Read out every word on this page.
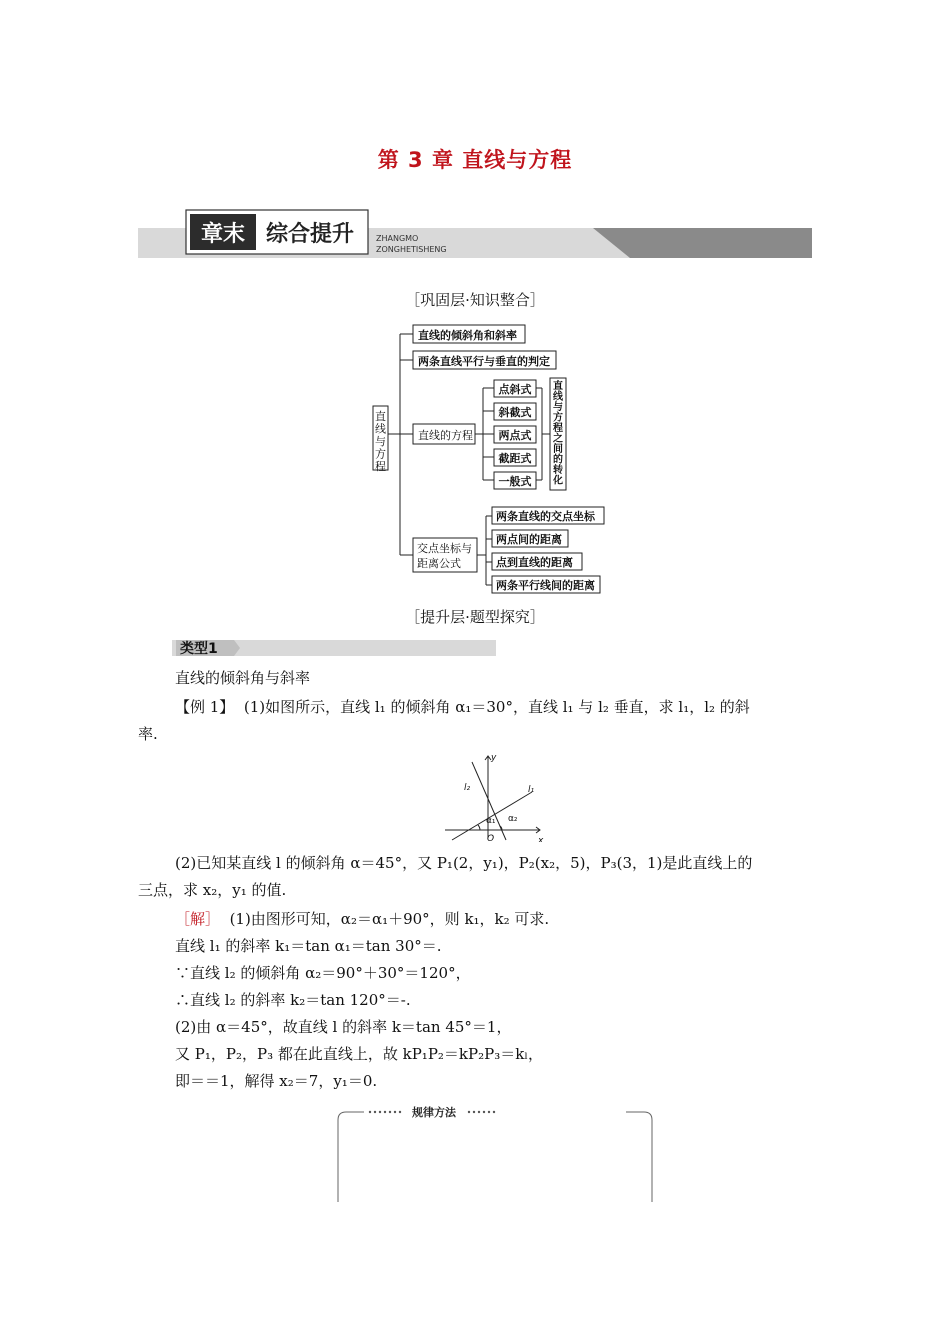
第 3 章 直线与方程
章末 综合提升	ZHANGMO
ZONGHETISHENG
［巩固层·知识整合］
直
线
与
方
程
直线的倾斜角和斜率
两条直线平行与垂直的判定
直线的方程
点斜式
斜截式
两点式
截距式
一般式
直
线
与
方
程
之
间
的
转
化
交点坐标与
距离公式
两条直线的交点坐标
两点间的距离
点到直线的距离
两条平行线间的距离
［提升层·题型探究］
类型1
直线的倾斜角与斜率
【例 1】 (1)如图所示，直线 l₁ 的倾斜角 α₁＝30°，直线 l₁ 与 l₂ 垂直，求 l₁，l₂ 的斜
率.
y
x
O
l₁
l₂
α₁ α₂
(2)已知某直线 l 的倾斜角 α＝45°，又 P₁(2，y₁)，P₂(x₂，5)，P₃(3，1)是此直线上的
三点，求 x₂，y₁ 的值.
［解］ (1)由图形可知，α₂＝α₁＋90°，则 k₁，k₂ 可求.
直线 l₁ 的斜率 k₁＝tan α₁＝tan 30°＝.
∵直线 l₂ 的倾斜角 α₂＝90°＋30°＝120°，
∴直线 l₂ 的斜率 k₂＝tan 120°＝-.
(2)由 α＝45°，故直线 l 的斜率 k＝tan 45°＝1，
又 P₁，P₂，P₃ 都在此直线上，故 kP₁P₂＝kP₂P₃＝kₗ，
即＝＝1，解得 x₂＝7，y₁＝0.
规律方法
